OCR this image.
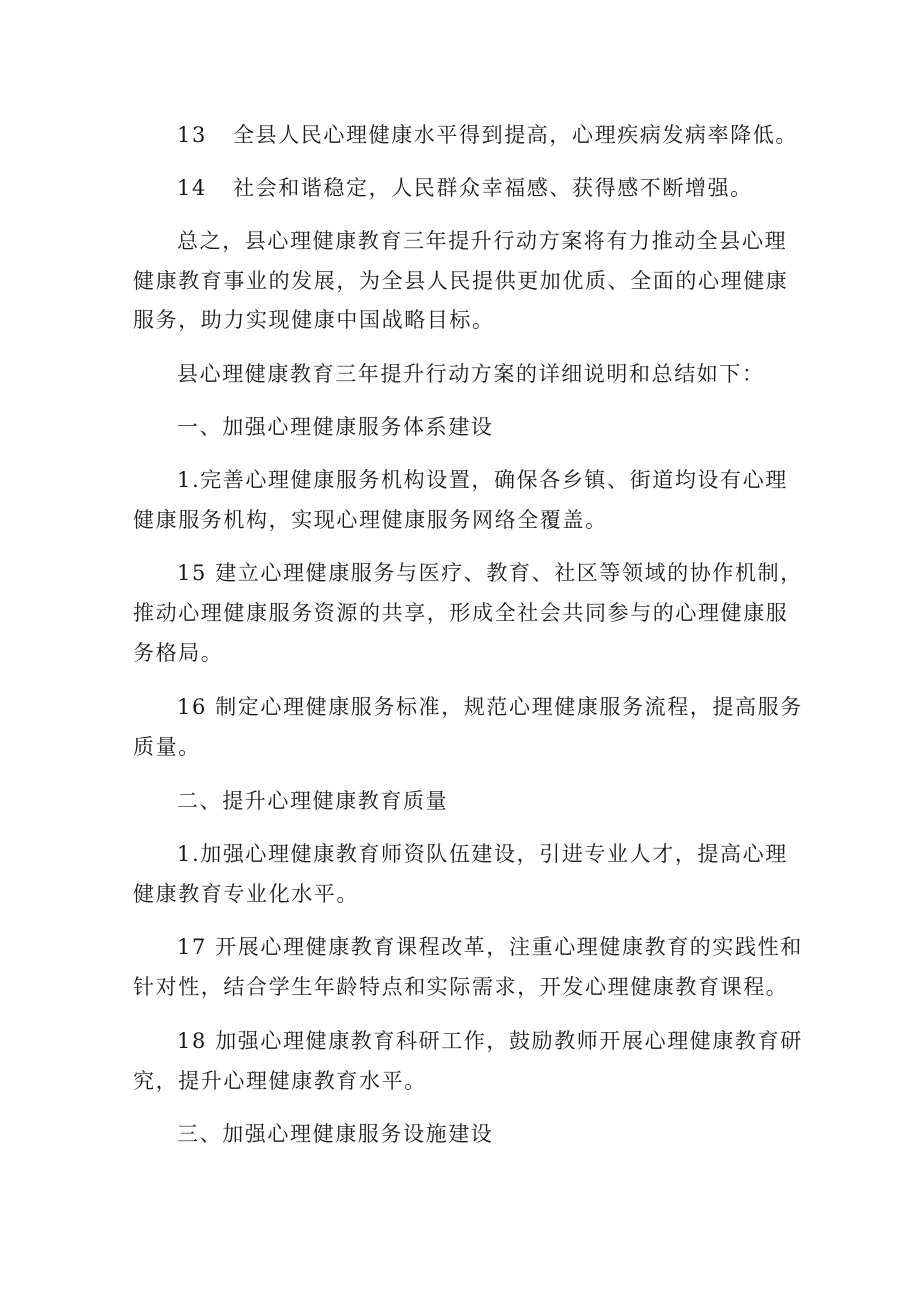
13 全县人民心理健康水平得到提高，心理疾病发病率降低。
14 社会和谐稳定，人民群众幸福感、获得感不断增强。
总之，县心理健康教育三年提升行动方案将有力推动全县心理
健康教育事业的发展，为全县人民提供更加优质、全面的心理健康
服务，助力实现健康中国战略目标。
县心理健康教育三年提升行动方案的详细说明和总结如下：
一、加强心理健康服务体系建设
1.完善心理健康服务机构设置，确保各乡镇、街道均设有心理
健康服务机构，实现心理健康服务网络全覆盖。
15 建立心理健康服务与医疗、教育、社区等领域的协作机制，
推动心理健康服务资源的共享，形成全社会共同参与的心理健康服
务格局。
16 制定心理健康服务标准，规范心理健康服务流程，提高服务
质量。
二、提升心理健康教育质量
1.加强心理健康教育师资队伍建设，引进专业人才，提高心理
健康教育专业化水平。
17 开展心理健康教育课程改革，注重心理健康教育的实践性和
针对性，结合学生年龄特点和实际需求，开发心理健康教育课程。
18 加强心理健康教育科研工作，鼓励教师开展心理健康教育研
究，提升心理健康教育水平。
三、加强心理健康服务设施建设
